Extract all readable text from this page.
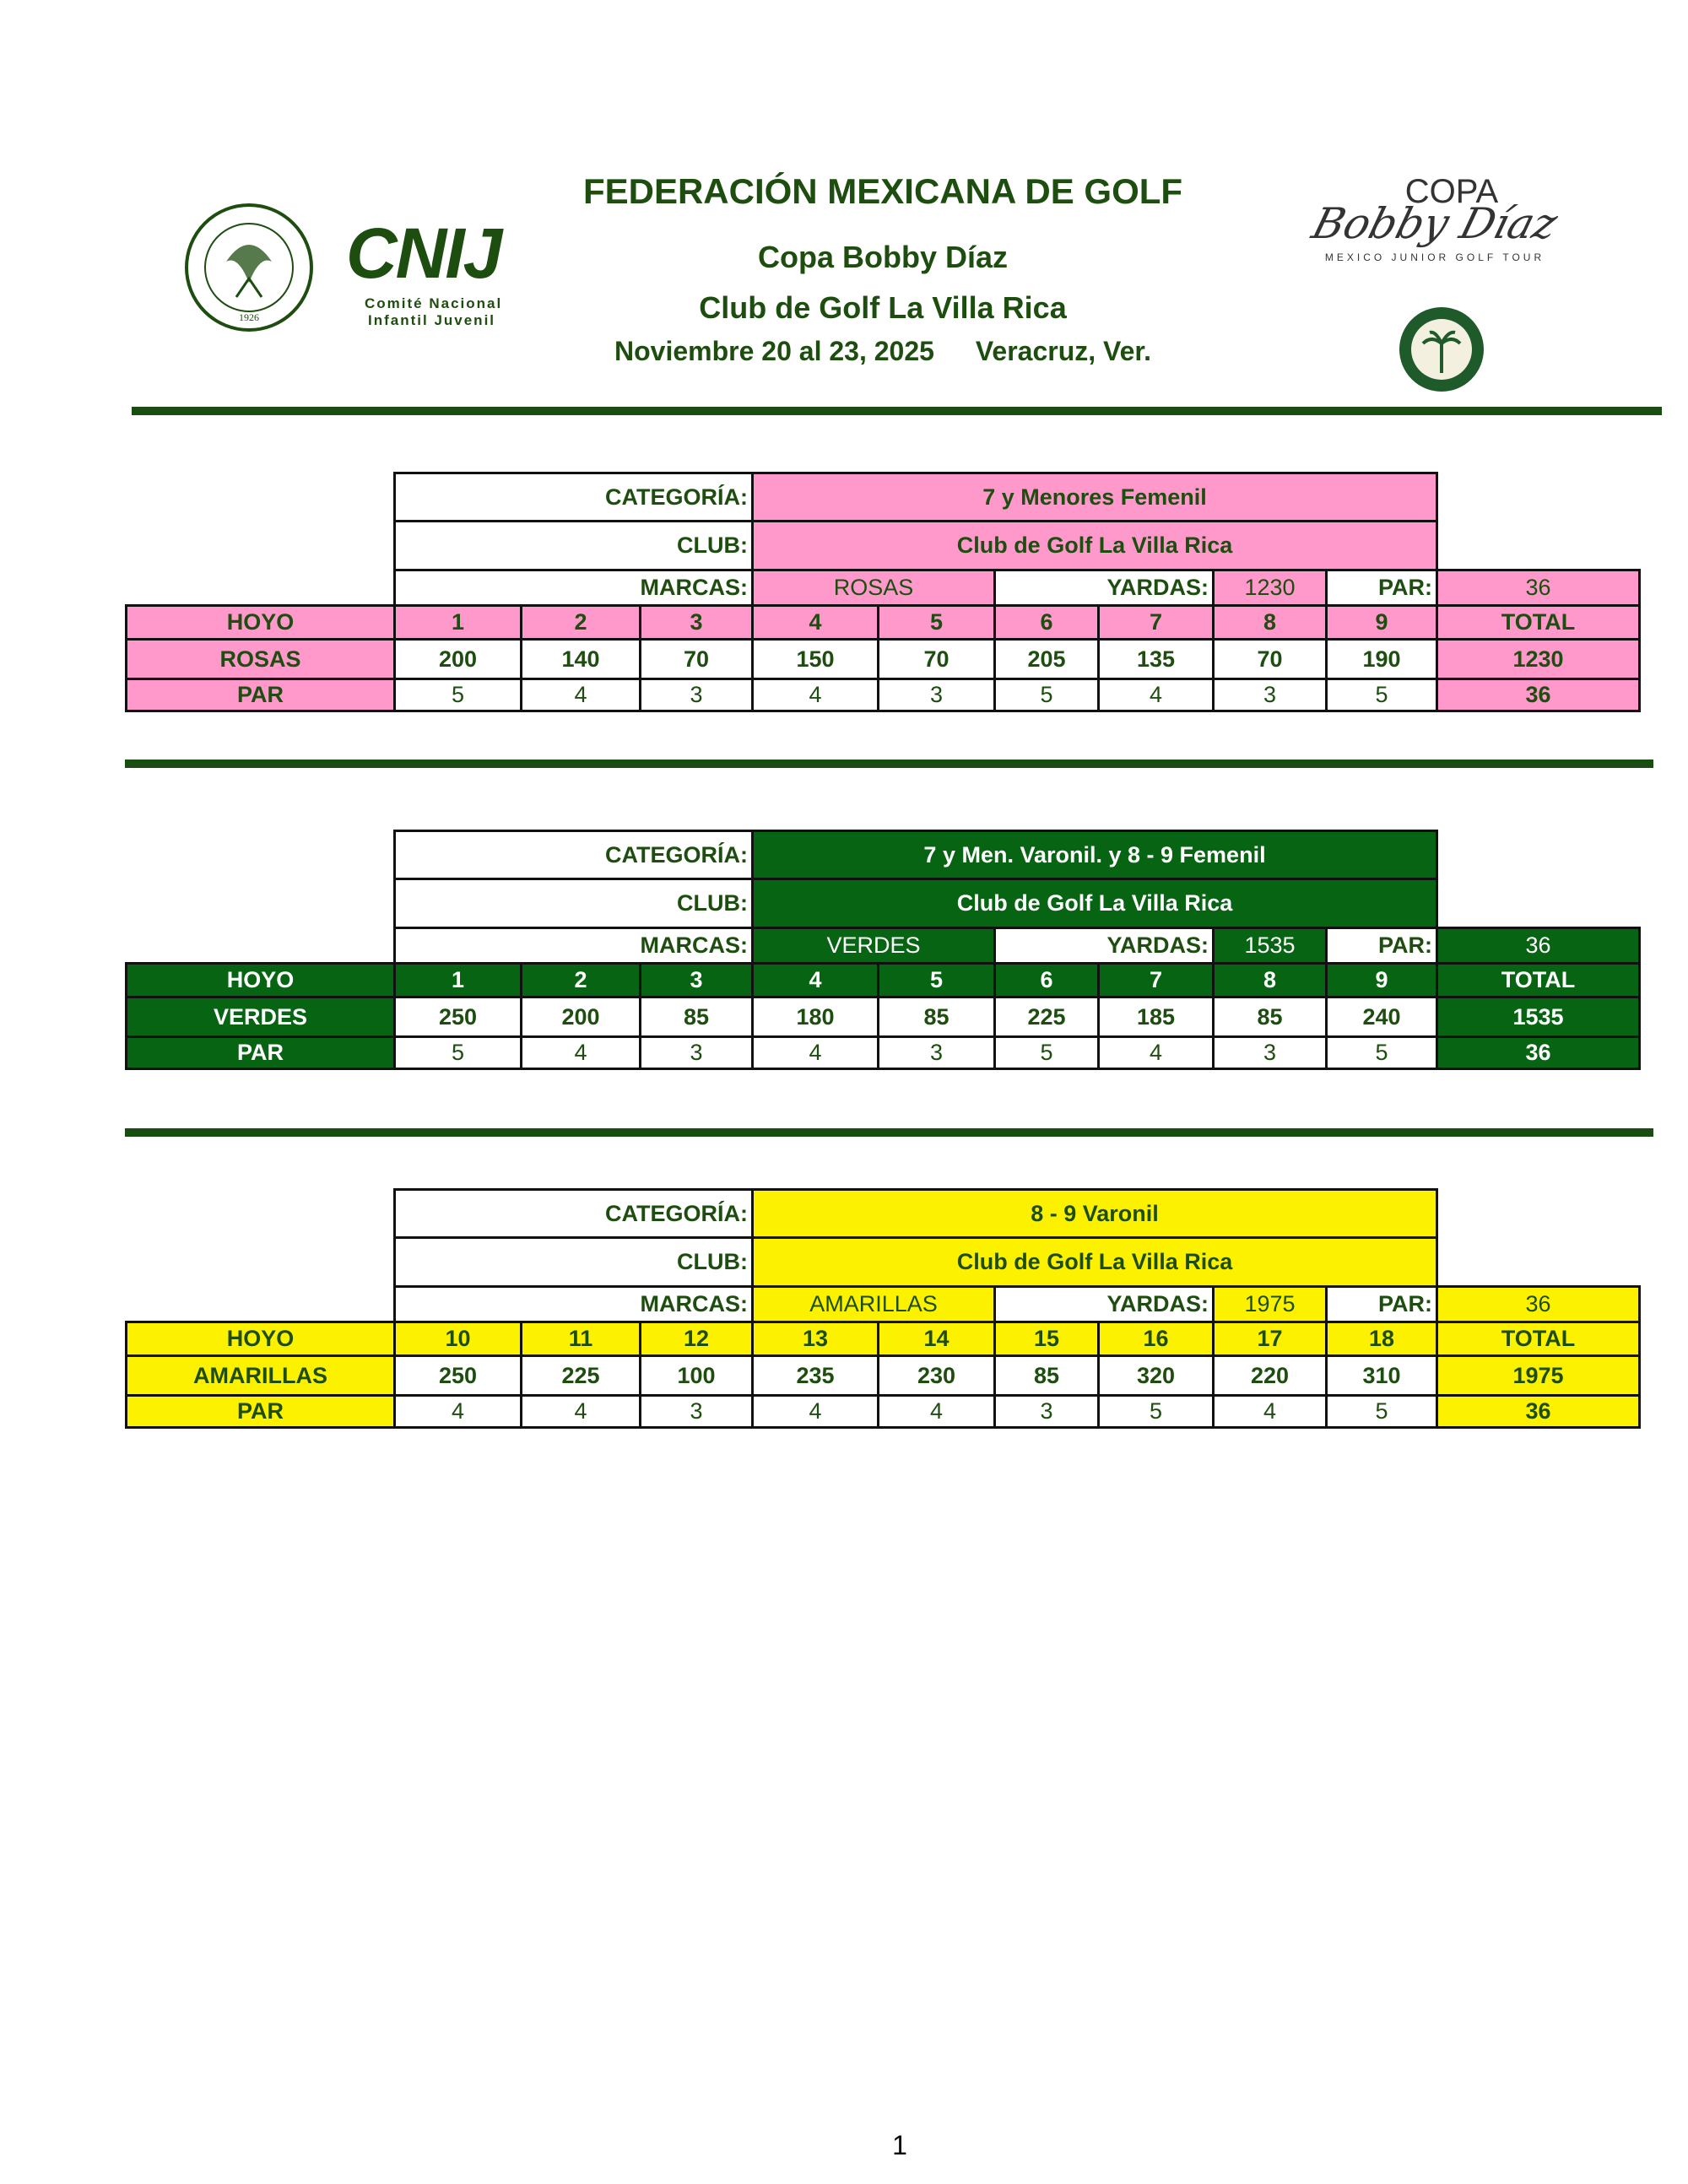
1926
CNIJ
Comité Nacional
Infantil Juvenil
COPA
Bobby Díaz
MEXICO JUNIOR GOLF TOUR
FEDERACIÓN MEXICANA DE GOLF
Copa Bobby Díaz
Club de Golf La Villa Rica
Noviembre 20 al 23, 2025 Veracruz, Ver.
	CATEGORÍA:			7 y Menores Femenil						
	CLUB:			Club de Golf La Villa Rica						
	MARCAS:			ROSAS		YARDAS:		1230	PAR:	36
HOYO	1	2	3	4	5	6	7	8	9	TOTAL
ROSAS	200	140	70	150	70	205	135	70	190	1230
PAR	5	4	3	4	3	5	4	3	5	36
	CATEGORÍA:			7 y Men. Varonil. y 8 - 9 Femenil						
	CLUB:			Club de Golf La Villa Rica						
	MARCAS:			VERDES		YARDAS:		1535	PAR:	36
HOYO	1	2	3	4	5	6	7	8	9	TOTAL
VERDES	250	200	85	180	85	225	185	85	240	1535
PAR	5	4	3	4	3	5	4	3	5	36
	CATEGORÍA:			8 - 9 Varonil						
	CLUB:			Club de Golf La Villa Rica						
	MARCAS:			AMARILLAS		YARDAS:		1975	PAR:	36
HOYO	10	11	12	13	14	15	16	17	18	TOTAL
AMARILLAS	250	225	100	235	230	85	320	220	310	1975
PAR	4	4	3	4	4	3	5	4	5	36
1
